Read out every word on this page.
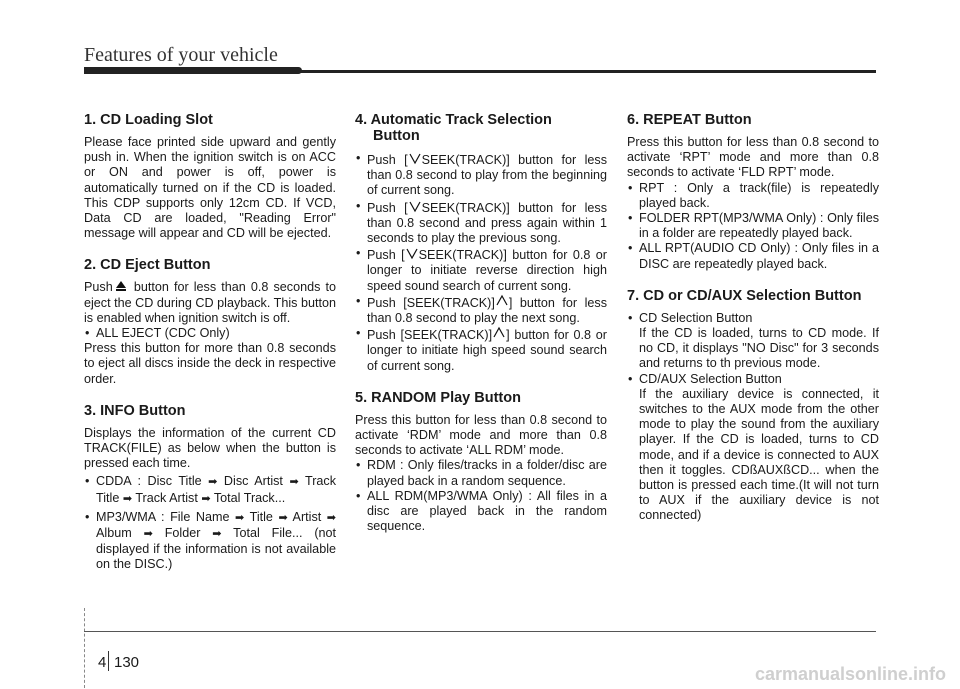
Features of your vehicle
1. CD Loading Slot

Please face printed side upward and gently push in. When the ignition switch is on ACC or ON and power is off, power is automatically turned on if the CD is loaded. This CDP supports only 12cm CD. If VCD, Data CD are loaded, "Reading Error" message will appear and CD will be ejected.

2. CD Eject Button

Push button for less than 0.8 seconds to eject the CD during CD playback. This button is enabled when ignition switch is off.

• ALL EJECT (CDC Only)

Press this button for more than 0.8 seconds to eject all discs inside the deck in respective order.

3. INFO Button

Displays the information of the current CD TRACK(FILE) as below when the button is pressed each time.

• CDDA : Disc Title ➡ Disc Artist ➡ Track Title ➡ Track Artist ➡ Total Track...
• MP3/WMA : File Name ➡ Title ➡ Artist ➡ Album ➡ Folder ➡ Total File... (not displayed if the information is not available on the DISC.)
4. Automatic Track Selection
Button
• Push [ SEEK(TRACK)] button for less than 0.8 second to play from the beginning of current song.
• Push [ SEEK(TRACK)] button for less than 0.8 second and press again within 1 seconds to play the previous song.
• Push [ SEEK(TRACK)] button for 0.8 or longer to initiate reverse direction high speed sound search of current song.
• Push [SEEK(TRACK)] ] button for less than 0.8 second to play the next song.
• Push [SEEK(TRACK)] ] button for 0.8 or longer to initiate high speed sound search of current song.
5. RANDOM Play Button

Press this button for less than 0.8 second to activate ‘RDM’ mode and more than 0.8 seconds to activate ‘ALL RDM’ mode.

• RDM : Only files/tracks in a folder/disc are played back in a random sequence.
• ALL RDM(MP3/WMA Only) : All files in a disc are played back in the random sequence.
6. REPEAT Button

Press this button for less than 0.8 second to activate ‘RPT’ mode and more than 0.8 seconds to activate ‘FLD RPT’ mode.

• RPT : Only a track(file) is repeatedly played back.
• FOLDER RPT(MP3/WMA Only) : Only files in a folder are repeatedly played back.
• ALL RPT(AUDIO CD Only) : Only files in a DISC are repeatedly played back.
7. CD or CD/AUX Selection Button
• CD Selection Button
If the CD is loaded, turns to CD mode. If no CD, it displays "NO Disc" for 3 seconds and returns to th previous mode.
• CD/AUX Selection Button
If the auxiliary device is connected, it switches to the AUX mode from the other mode to play the sound from the auxiliary player. If the CD is loaded, turns to CD mode, and if a device is connected to AUX then it toggles. CDßAUXßCD... when the button is pressed each time.(It will not turn to AUX if the auxiliary device is not connected)
4 130
carmanualsonline.info
